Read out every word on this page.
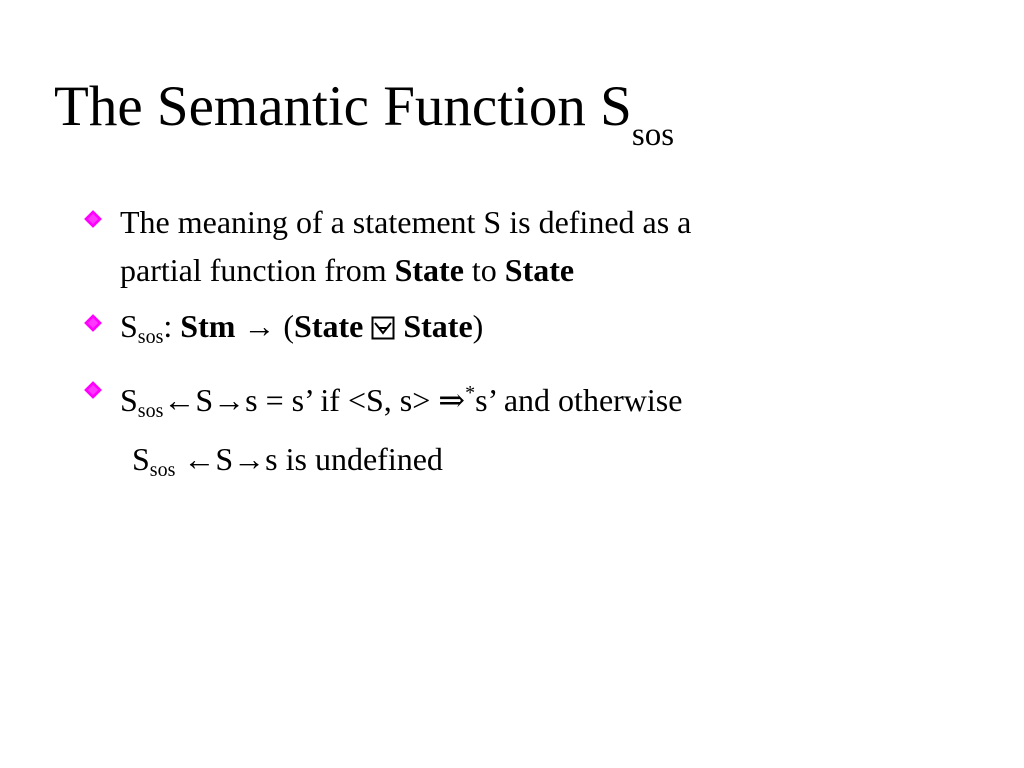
The Semantic Function $S_{sos}$
The meaning of a statement S is defined as a
partial function from State to State
$S_{sos}$: Stm → (State  State)
$S_{sos}\leftarrow S\to s = s$’ if <S, s> ⇒*s’ and otherwise
$S_{sos}$ ←S→s is undefined
